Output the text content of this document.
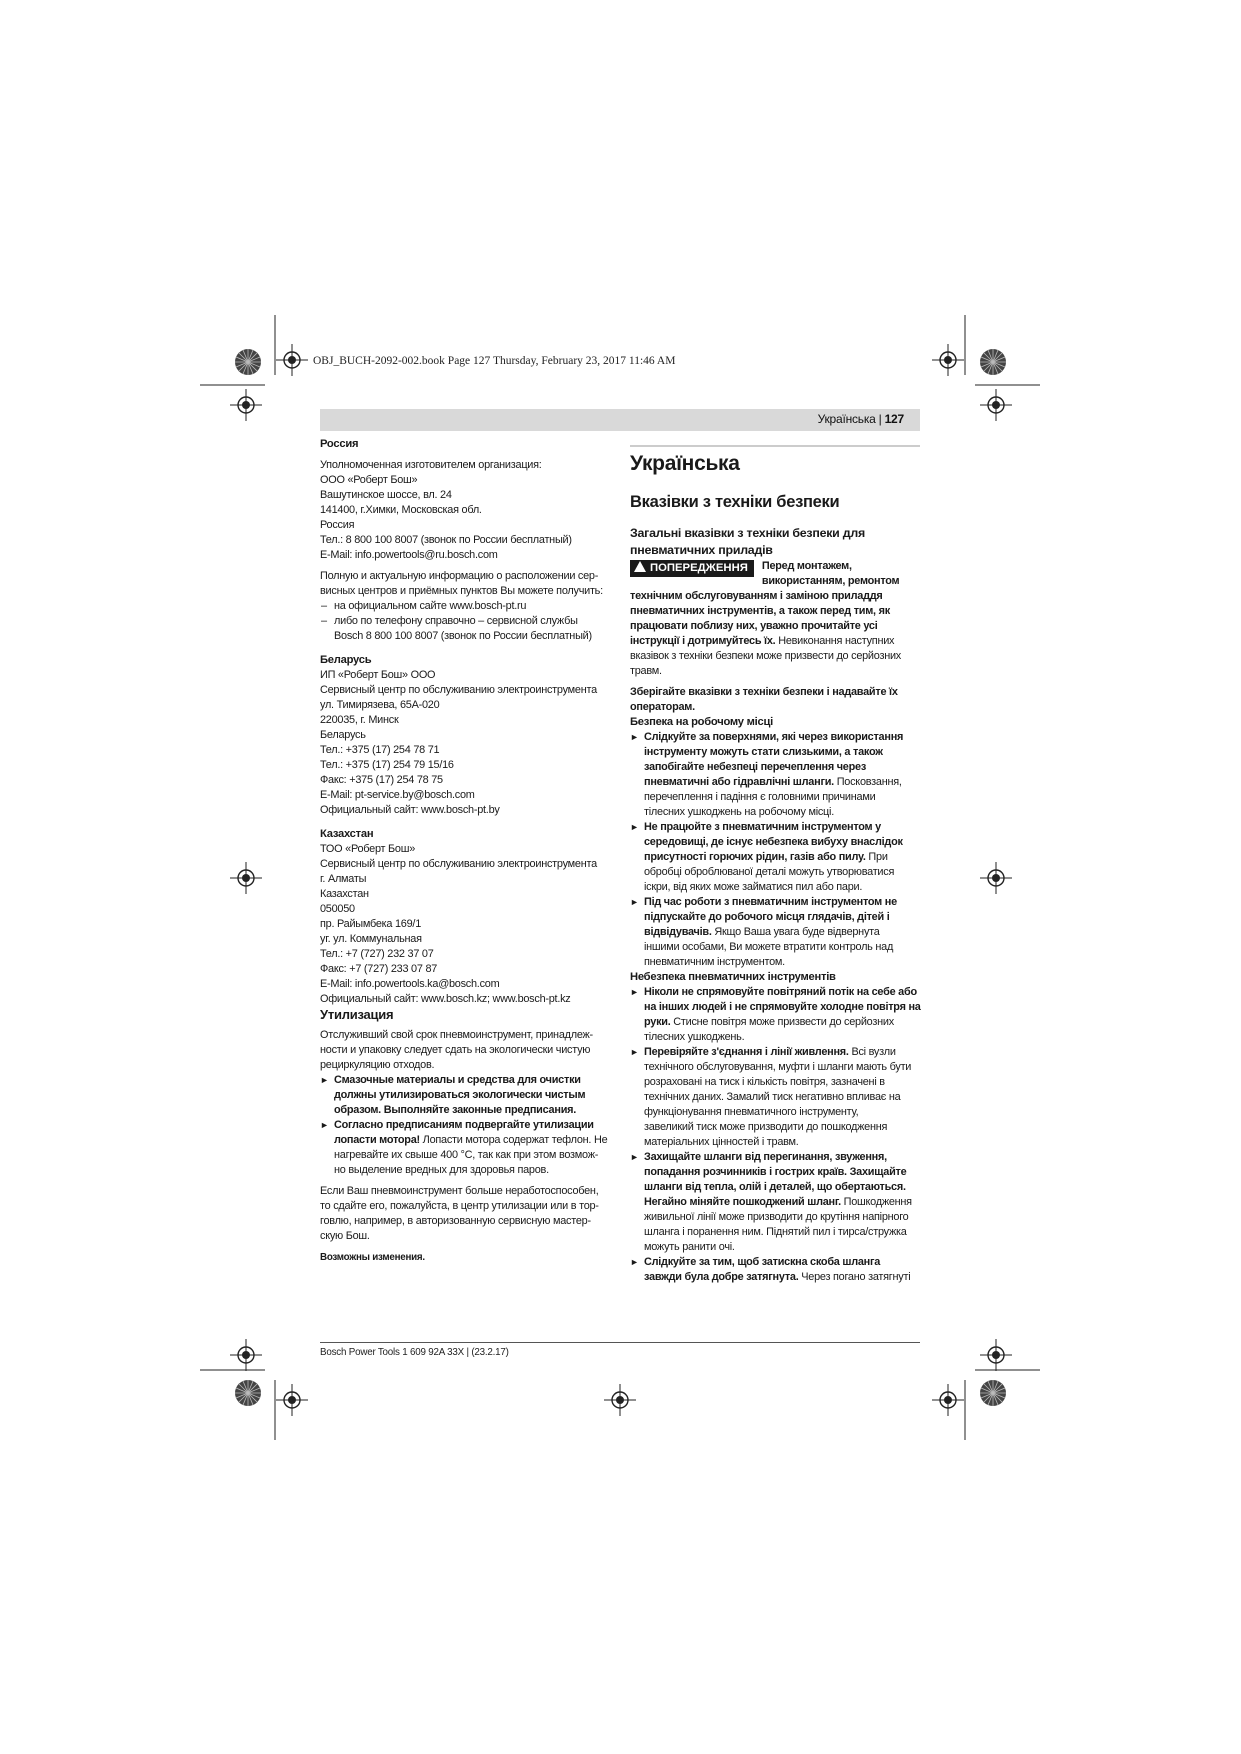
OBJ_BUCH-2092-002.book Page 127 Thursday, February 23, 2017 11:46 AM
Українська | 127

Россия

Уполномоченная изготовителем организация:

ООО «Роберт Бош»

Вашутинское шоссе, вл. 24

141400, г.Химки, Московская обл.

Россия

Тел.: 8 800 100 8007 (звонок по России бесплатный)

E-Mail: info.powertools@ru.bosch.com

Полную и актуальную информацию о расположении сер-

висных центров и приёмных пунктов Вы можете получить:

– на официальном сайте www.bosch-pt.ru

– либо по телефону справочно – сервисной службы

Bosch 8 800 100 8007 (звонок по России бесплатный)

Беларусь

ИП «Роберт Бош» ООО

Сервисный центр по обслуживанию электроинструмента

ул. Тимирязева, 65А-020

220035, г. Минск

Беларусь

Тел.: +375 (17) 254 78 71

Тел.: +375 (17) 254 79 15/16

Факс: +375 (17) 254 78 75

E-Mail: pt-service.by@bosch.com

Официальный сайт: www.bosch-pt.by

Казахстан

ТОО «Роберт Бош»

Сервисный центр по обслуживанию электроинструмента

г. Алматы

Казахстан

050050

пр. Райымбека 169/1

уг. ул. Коммунальная

Тел.: +7 (727) 232 37 07

Факс: +7 (727) 233 07 87

E-Mail: info.powertools.ka@bosch.com

Официальный сайт: www.bosch.kz; www.bosch-pt.kz

Утилизация

Отслуживший свой срок пневмоинструмент, принадлеж-

ности и упаковку следует сдать на экологически чистую

рециркуляцию отходов.

► Смазочные материалы и средства для очистки

должны утилизироваться экологически чистым

образом. Выполняйте законные предписания.

► Согласно предписаниям подвергайте утилизации

лопасти мотора! Лопасти мотора содержат тефлон. Не

нагревайте их свыше 400 °C, так как при этом возмож-

но выделение вредных для здоровья паров.

Если Ваш пневмоинструмент больше неработоспособен,

то сдайте его, пожалуйста, в центр утилизации или в тор-

говлю, например, в авторизованную сервисную мастер-

скую Бош.

Возможны изменения.

Українська

Вказівки з техніки безпеки

Загальні вказівки з техніки безпеки для

пневматичних приладів

ПОПЕРЕДЖЕННЯ	Перед монтажем,

використанням, ремонтом

технічним обслуговуванням і заміною приладдя

пневматичних інструментів, а також перед тим, як

працювати поблизу них, уважно прочитайте усі

інструкції і дотримуйтесь їх. Невиконання наступних

вказівок з техніки безпеки може призвести до серйозних

травм.

Зберігайте вказівки з техніки безпеки і надавайте їх

операторам.

Безпека на робочому місці

► Слідкуйте за поверхнями, які через використання

інструменту можуть стати слизькими, а також

запобігайте небезпеці перечеплення через

пневматичні або гідравлічні шланги. Посковзання,

перечеплення і падіння є головними причинами

тілесних ушкоджень на робочому місці.

► Не працюйте з пневматичним інструментом у

середовищі, де існує небезпека вибуху внаслідок

присутності горючих рідин, газів або пилу. При

обробці оброблюваної деталі можуть утворюватися

іскри, від яких може займатися пил або пари.

► Під час роботи з пневматичним інструментом не

підпускайте до робочого місця глядачів, дітей і

відвідувачів. Якщо Ваша увага буде відвернута

іншими особами, Ви можете втратити контроль над

пневматичним інструментом.

Небезпека пневматичних інструментів

► Ніколи не спрямовуйте повітряний потік на себе або

на інших людей і не спрямовуйте холодне повітря на

руки. Стисне повітря може призвести до серйозних

тілесних ушкоджень.

► Перевіряйте з'єднання і лінії живлення. Всі вузли

технічного обслуговування, муфти і шланги мають бути

розраховані на тиск і кількість повітря, зазначені в

технічних даних. Замалий тиск негативно впливає на

функціонування пневматичного інструменту,

завеликий тиск може призводити до пошкодження

матеріальних цінностей і травм.

► Захищайте шланги від перегинання, звуження,

попадання розчинників і гострих країв. Захищайте

шланги від тепла, олій і деталей, що обертаються.

Негайно міняйте пошкоджений шланг. Пошкодження

живильної лінії може призводити до крутіння напірного

шланга і поранення ним. Піднятий пил і тирса/стружка

можуть ранити очі.

► Слідкуйте за тим, щоб затискна скоба шланга

завжди була добре затягнута. Через погано затягнуті

Bosch Power Tools 1 609 92A 33X | (23.2.17)
